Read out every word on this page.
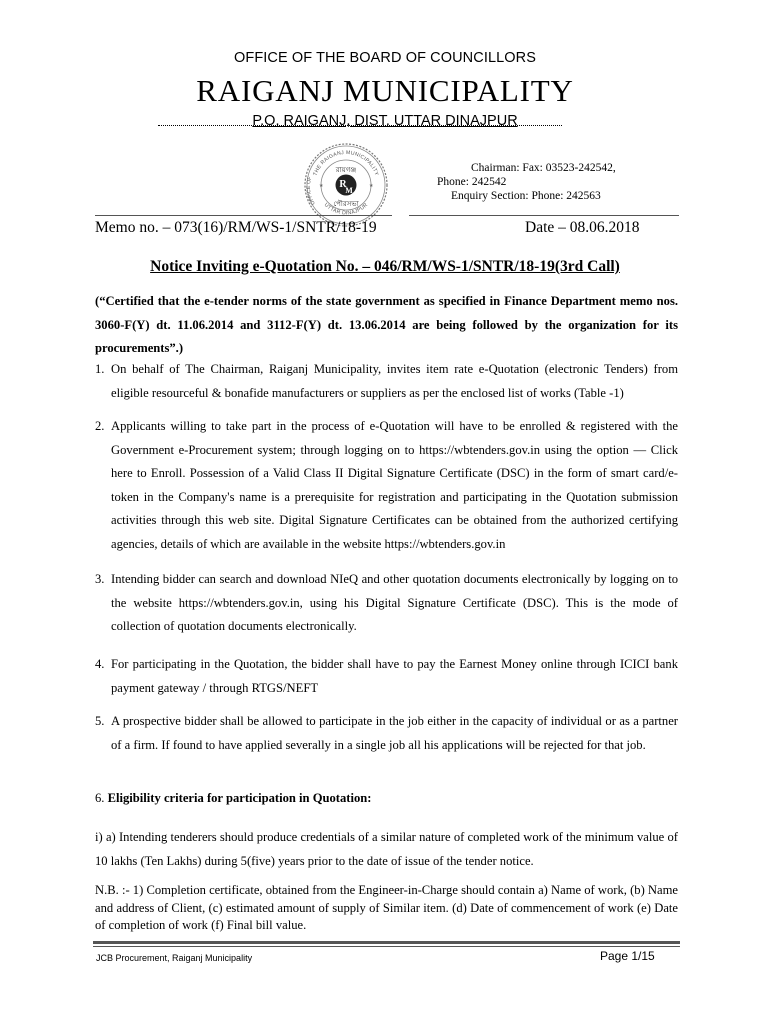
OFFICE OF THE BOARD OF COUNCILLORS
RAIGANJ MUNICIPALITY
P.O. RAIGANJ, DIST. UTTAR DINAJPUR
THE RAIGANJ MUNICIPALITY
OFFICE OF
UTTAR DINAJPUR
রায়গঞ্জ
R
M
পৌরসভা
★	★
Chairman: Fax: 03523-242542,
Phone: 242542
Enquiry Section: Phone: 242563
Memo no. – 073(16)/RM/WS-1/SNTR/18-19	Date – 08.06.2018
Notice Inviting e-Quotation No. – 046/RM/WS-1/SNTR/18-19(3rd Call)
(“Certified that the e-tender norms of the state government as specified in Finance Department memo nos. 3060-F(Y) dt. 11.06.2014 and 3112-F(Y) dt. 13.06.2014 are being followed by the organization for its procurements”.)
1. On behalf of The Chairman, Raiganj Municipality, invites item rate e-Quotation (electronic Tenders) from eligible resourceful & bonafide manufacturers or suppliers as per the enclosed list of works (Table -1)
2. Applicants willing to take part in the process of e-Quotation will have to be enrolled & registered with the Government e-Procurement system; through logging on to https://wbtenders.gov.in using the option — Click here to Enroll. Possession of a Valid Class II Digital Signature Certificate (DSC) in the form of smart card/e-token in the Company's name is a prerequisite for registration and participating in the Quotation submission activities through this web site. Digital Signature Certificates can be obtained from the authorized certifying agencies, details of which are available in the website https://wbtenders.gov.in
3. Intending bidder can search and download NIeQ and other quotation documents electronically by logging on to the website https://wbtenders.gov.in, using his Digital Signature Certificate (DSC). This is the mode of collection of quotation documents electronically.
4. For participating in the Quotation, the bidder shall have to pay the Earnest Money online through ICICI bank payment gateway / through RTGS/NEFT
5. A prospective bidder shall be allowed to participate in the job either in the capacity of individual or as a partner of a firm. If found to have applied severally in a single job all his applications will be rejected for that job.
6. Eligibility criteria for participation in Quotation:
i) a) Intending tenderers should produce credentials of a similar nature of completed work of the minimum value of 10 lakhs (Ten Lakhs) during 5(five) years prior to the date of issue of the tender notice.
N.B. :- 1) Completion certificate, obtained from the Engineer-in-Charge should contain a) Name of work, (b) Name and address of Client, (c) estimated amount of supply of Similar item. (d) Date of commencement of work (e) Date of completion of work (f) Final bill value.
JCB Procurement, Raiganj Municipality	Page 1/15
